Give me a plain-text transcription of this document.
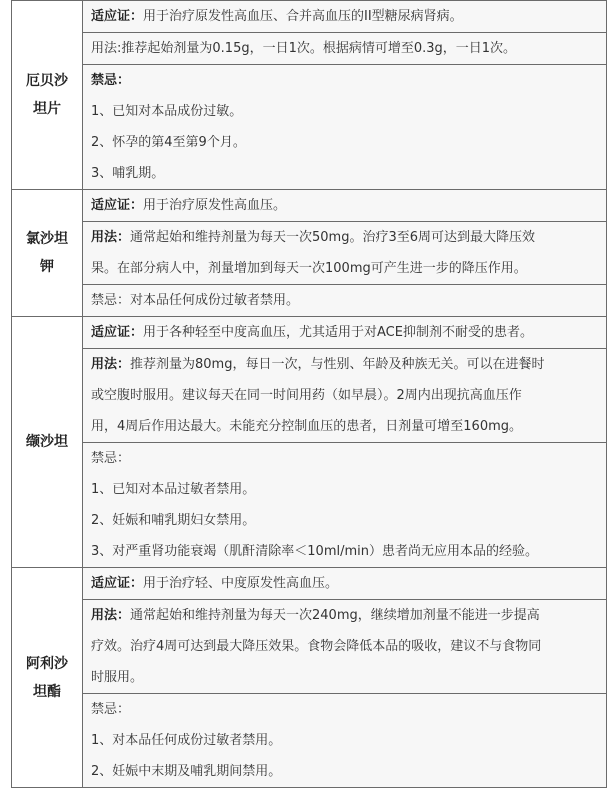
厄贝沙
坦片	适应证：用于治疗原发性高血压、合并高血压的II型糖尿病肾病。

	用法:推荐起始剂量为0.15g，一日1次。根据病情可增至0.3g，一日1次。

	禁忌：
1、已知对本品成份过敏。
2、怀孕的第4至第9个月。
3、哺乳期。

氯沙坦
钾	适应证：用于治疗原发性高血压。

	用法：通常起始和维持剂量为每天一次50mg。治疗3至6周可达到最大降压效
果。在部分病人中，剂量增加到每天一次100mg可产生进一步的降压作用。

	禁忌：对本品任何成份过敏者禁用。

缬沙坦	适应证：用于各种轻至中度高血压，尤其适用于对ACE抑制剂不耐受的患者。

	用法：推荐剂量为80mg，每日一次，与性别、年龄及种族无关。可以在进餐时
或空腹时服用。建议每天在同一时间用药（如早晨）。2周内出现抗高血压作
用，4周后作用达最大。未能充分控制血压的患者，日剂量可增至160mg。

	禁忌：
1、已知对本品过敏者禁用。
2、妊娠和哺乳期妇女禁用。
3、对严重肾功能衰竭（肌酐清除率＜10ml/min）患者尚无应用本品的经验。

阿利沙
坦酯	适应证：用于治疗轻、中度原发性高血压。

	用法：通常起始和维持剂量为每天一次240mg，继续增加剂量不能进一步提高
疗效。治疗4周可达到最大降压效果。食物会降低本品的吸收，建议不与食物同
时服用。

	禁忌：
1、对本品任何成份过敏者禁用。
2、妊娠中末期及哺乳期间禁用。
